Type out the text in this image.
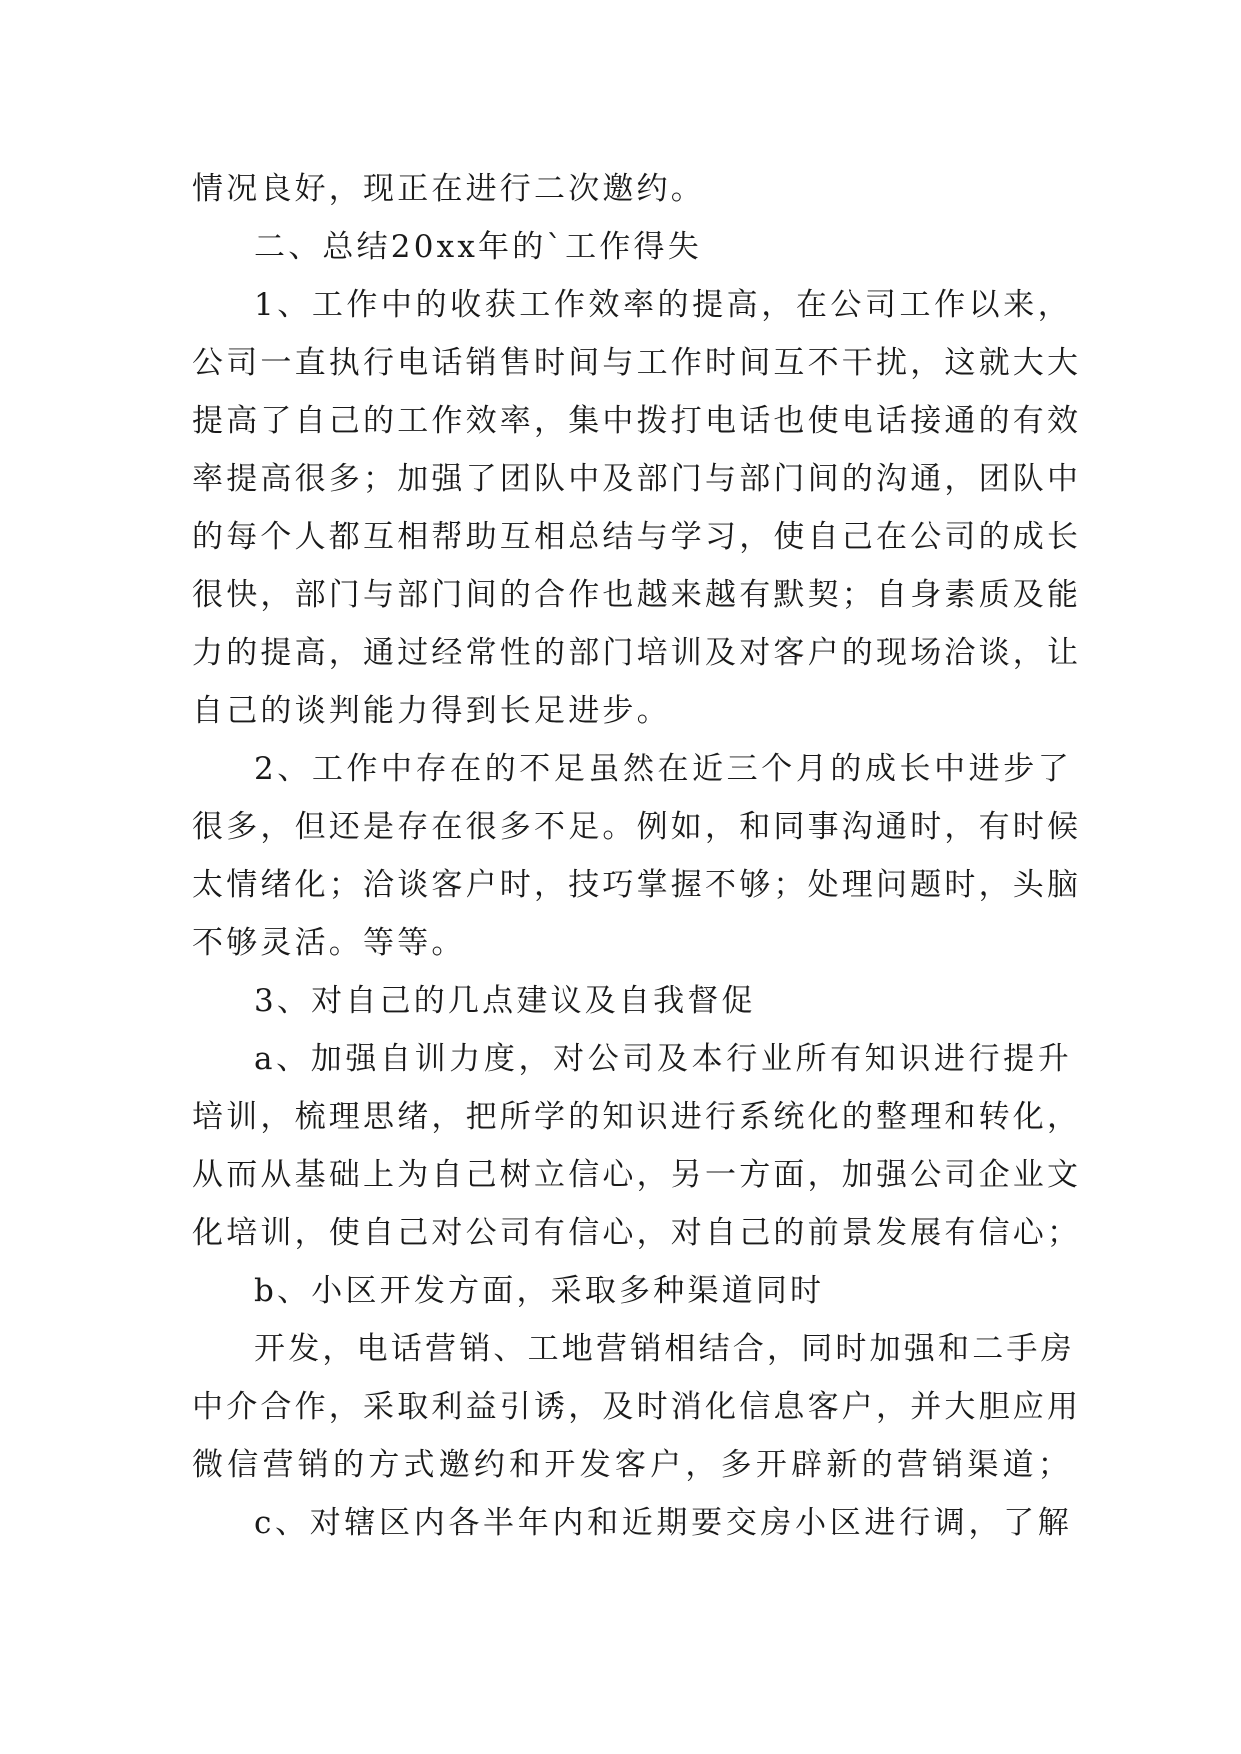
情况良好，现正在进行二次邀约。
二、总结20xx年的`工作得失
1、工作中的收获工作效率的提高，在公司工作以来，
公司一直执行电话销售时间与工作时间互不干扰，这就大大
提高了自己的工作效率，集中拨打电话也使电话接通的有效
率提高很多；加强了团队中及部门与部门间的沟通，团队中
的每个人都互相帮助互相总结与学习，使自己在公司的成长
很快，部门与部门间的合作也越来越有默契；自身素质及能
力的提高，通过经常性的部门培训及对客户的现场洽谈，让
自己的谈判能力得到长足进步。
2、工作中存在的不足虽然在近三个月的成长中进步了
很多，但还是存在很多不足。例如，和同事沟通时，有时候
太情绪化；洽谈客户时，技巧掌握不够；处理问题时，头脑
不够灵活。等等。
3、对自己的几点建议及自我督促
a、加强自训力度，对公司及本行业所有知识进行提升
培训，梳理思绪，把所学的知识进行系统化的整理和转化，
从而从基础上为自己树立信心，另一方面，加强公司企业文
化培训，使自己对公司有信心，对自己的前景发展有信心；
b、小区开发方面，采取多种渠道同时
开发，电话营销、工地营销相结合，同时加强和二手房
中介合作，采取利益引诱，及时消化信息客户，并大胆应用
微信营销的方式邀约和开发客户，多开辟新的营销渠道；
c、对辖区内各半年内和近期要交房小区进行调，了解
